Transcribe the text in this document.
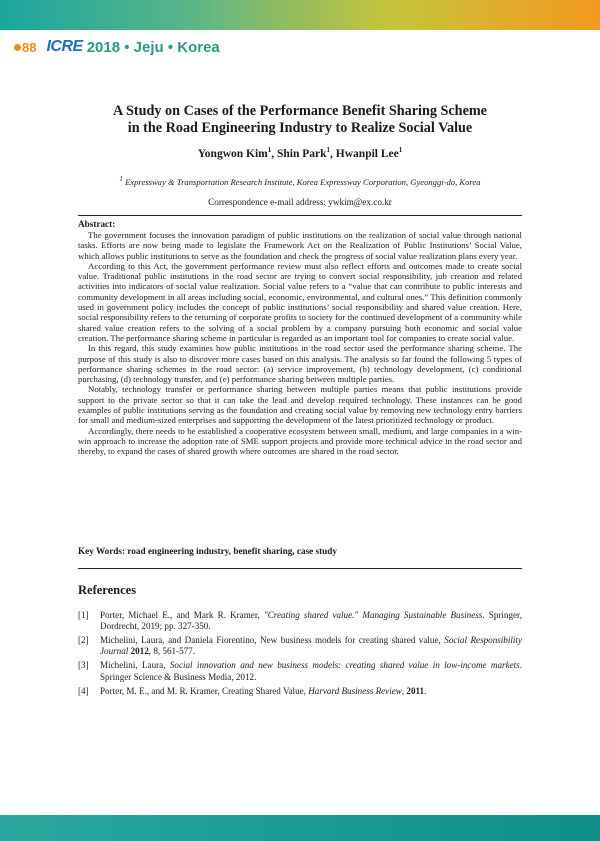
88 ICRE 2018 • Jeju • Korea
A Study on Cases of the Performance Benefit Sharing Scheme
in the Road Engineering Industry to Realize Social Value
Yongwon Kim$^1$, Shin Park$^1$, Hwanpil Lee$^1$
$^1$ Expressway & Transportation Research Institute, Korea Expressway Corporation, Gyeonggi-do, Korea
Correspondence e-mail address: ywkim@ex.co.kr
Abstract:

The government focuses the innovation paradigm of public institutions on the realization of social value through national tasks. Efforts are now being made to legislate the Framework Act on the Realization of Public Institutions’ Social Value, which allows public institutions to serve as the foundation and check the progress of social value realization plans every year.

According to this Act, the government performance review must also reflect efforts and outcomes made to create social value. Traditional public institutions in the road sector are trying to convert social responsibility, job creation and related activities into indicators of social value realization. Social value refers to a “value that can contribute to public interests and community development in all areas including social, economic, environmental, and cultural ones.” This definition commonly used in government policy includes the concept of public institutions’ social responsibility and shared value creation. Here, social responsibility refers to the returning of corporate profits to society for the continued development of a community while shared value creation refers to the solving of a social problem by a company pursuing both economic and social value creation. The performance sharing scheme in particular is regarded as an important tool for companies to create social value.

In this regard, this study examines how public institutions in the road sector used the performance sharing scheme. The purpose of this study is also to discover more cases based on this analysis. The analysis so far found the following 5 types of performance sharing schemes in the road sector: (a) service improvement, (b) technology development, (c) conditional purchasing, (d) technology transfer, and (e) performance sharing between multiple parties.

Notably, technology transfer or performance sharing between multiple parties means that public institutions provide support to the private sector so that it can take the lead and develop required technology. These instances can be good examples of public institutions serving as the foundation and creating social value by removing new technology entry barriers for small and medium-sized enterprises and supporting the development of the latest prioritized technology or product.

Accordingly, there needs to be established a cooperative ecosystem between small, medium, and large companies in a win-win approach to increase the adoption rate of SME support projects and provide more technical advice in the road sector and thereby, to expand the cases of shared growth where outcomes are shared in the road sector.

Key Words: road engineering industry, benefit sharing, case study
References
[1]	Porter, Michael E., and Mark R. Kramer, "Creating shared value." Managing Sustainable Business. Springer, Dordrecht, 2019; pp. 327-350.
[2]	Michelini, Laura, and Daniela Fiorentino, New business models for creating shared value, Social Responsibility Journal 2012, 8, 561-577.
[3]	Michelini, Laura, Social innovation and new business models: creating shared value in low-income markets. Springer Science & Business Media, 2012.
[4]	Porter, M. E., and M. R. Kramer, Creating Shared Value, Harvard Business Review, 2011.
